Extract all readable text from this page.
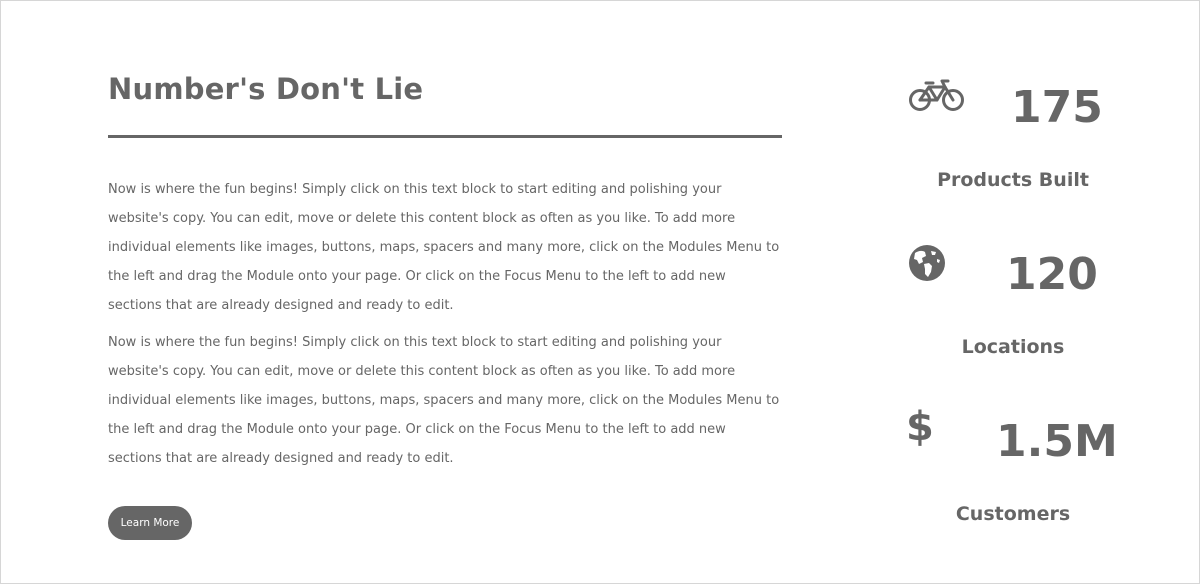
Number's Don't Lie

Now is where the fun begins! Simply click on this text block to start editing and polishing your website's copy. You can edit, move or delete this content block as often as you like. To add more individual elements like images, buttons, maps, spacers and many more, click on the Modules Menu to the left and drag the Module onto your page. Or click on the Focus Menu to the left to add new sections that are already designed and ready to edit.

Now is where the fun begins! Simply click on this text block to start editing and polishing your website's copy. You can edit, move or delete this content block as often as you like. To add more individual elements like images, buttons, maps, spacers and many more, click on the Modules Menu to the left and drag the Module onto your page. Or click on the Focus Menu to the left to add new sections that are already designed and ready to edit.

Learn More
175
Products Built
120
Locations
$ 1.5M
Customers
